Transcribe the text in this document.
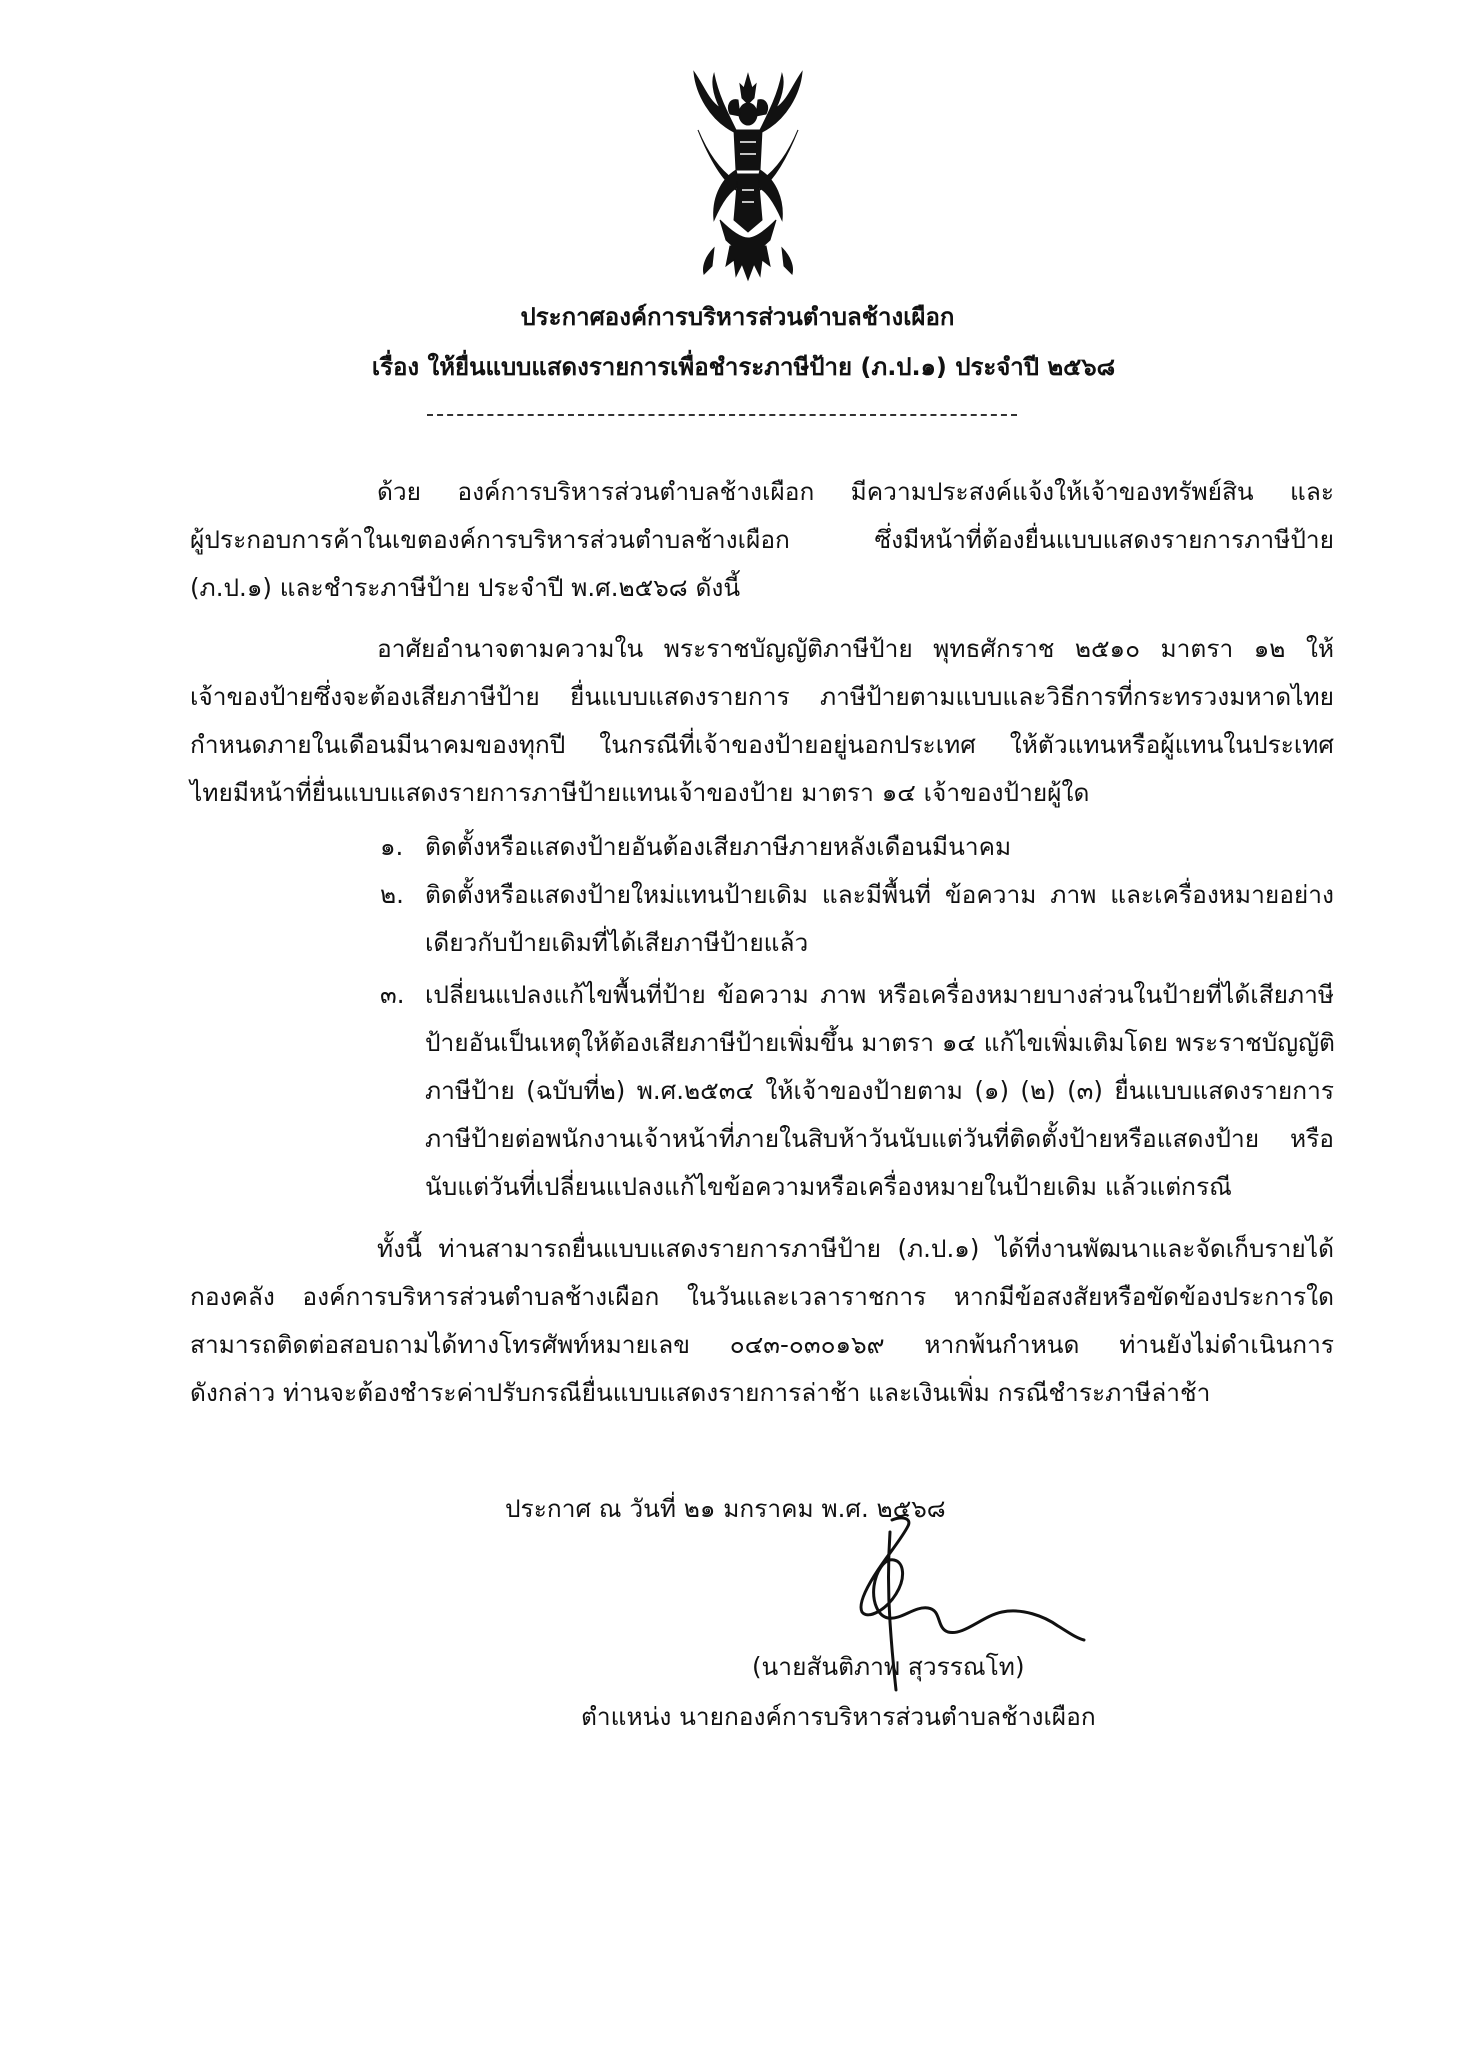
ประกาศองค์การบริหารส่วนตำบลช้างเผือก
เรื่อง ให้ยื่นแบบแสดงรายการเพื่อชำระภาษีป้าย (ภ.ป.๑) ประจำปี ๒๕๖๘
ด้วย องค์การบริหารส่วนตำบลช้างเผือก มีความประสงค์แจ้งให้เจ้าของทรัพย์สิน และ
ผู้ประกอบการค้าในเขตองค์การบริหารส่วนตำบลช้างเผือก ซึ่งมีหน้าที่ต้องยื่นแบบแสดงรายการภาษีป้าย
(ภ.ป.๑) และชำระภาษีป้าย ประจำปี พ.ศ.๒๕๖๘ ดังนี้
อาศัยอำนาจตามความใน พระราชบัญญัติภาษีป้าย พุทธศักราช ๒๕๑๐ มาตรา ๑๒ ให้
เจ้าของป้ายซึ่งจะต้องเสียภาษีป้าย ยื่นแบบแสดงรายการ ภาษีป้ายตามแบบและวิธีการที่กระทรวงมหาดไทย
กำหนดภายในเดือนมีนาคมของทุกปี ในกรณีที่เจ้าของป้ายอยู่นอกประเทศ ให้ตัวแทนหรือผู้แทนในประเทศ
ไทยมีหน้าที่ยื่นแบบแสดงรายการภาษีป้ายแทนเจ้าของป้าย มาตรา ๑๔ เจ้าของป้ายผู้ใด
๑. ติดตั้งหรือแสดงป้ายอันต้องเสียภาษีภายหลังเดือนมีนาคม
๒. ติดตั้งหรือแสดงป้ายใหม่แทนป้ายเดิม และมีพื้นที่ ข้อความ ภาพ และเครื่องหมายอย่าง
เดียวกับป้ายเดิมที่ได้เสียภาษีป้ายแล้ว
๓. เปลี่ยนแปลงแก้ไขพื้นที่ป้าย ข้อความ ภาพ หรือเครื่องหมายบางส่วนในป้ายที่ได้เสียภาษี
ป้ายอันเป็นเหตุให้ต้องเสียภาษีป้ายเพิ่มขึ้น มาตรา ๑๔ แก้ไขเพิ่มเติมโดย พระราชบัญญัติ
ภาษีป้าย (ฉบับที่๒) พ.ศ.๒๕๓๔ ให้เจ้าของป้ายตาม (๑) (๒) (๓) ยื่นแบบแสดงรายการ
ภาษีป้ายต่อพนักงานเจ้าหน้าที่ภายในสิบห้าวันนับแต่วันที่ติดตั้งป้ายหรือแสดงป้าย หรือ
นับแต่วันที่เปลี่ยนแปลงแก้ไขข้อความหรือเครื่องหมายในป้ายเดิม แล้วแต่กรณี
ทั้งนี้ ท่านสามารถยื่นแบบแสดงรายการภาษีป้าย (ภ.ป.๑) ได้ที่งานพัฒนาและจัดเก็บรายได้
กองคลัง องค์การบริหารส่วนตำบลช้างเผือก ในวันและเวลาราชการ หากมีข้อสงสัยหรือขัดข้องประการใด
สามารถติดต่อสอบถามได้ทางโทรศัพท์หมายเลข ๐๔๓-๐๓๐๑๖๙ หากพ้นกำหนด ท่านยังไม่ดำเนินการ
ดังกล่าว ท่านจะต้องชำระค่าปรับกรณียื่นแบบแสดงรายการล่าช้า และเงินเพิ่ม กรณีชำระภาษีล่าช้า
ประกาศ ณ วันที่ ๒๑ มกราคม พ.ศ. ๒๕๖๘
(นายสันติภาพ สุวรรณโท)
ตำแหน่ง นายกองค์การบริหารส่วนตำบลช้างเผือก
